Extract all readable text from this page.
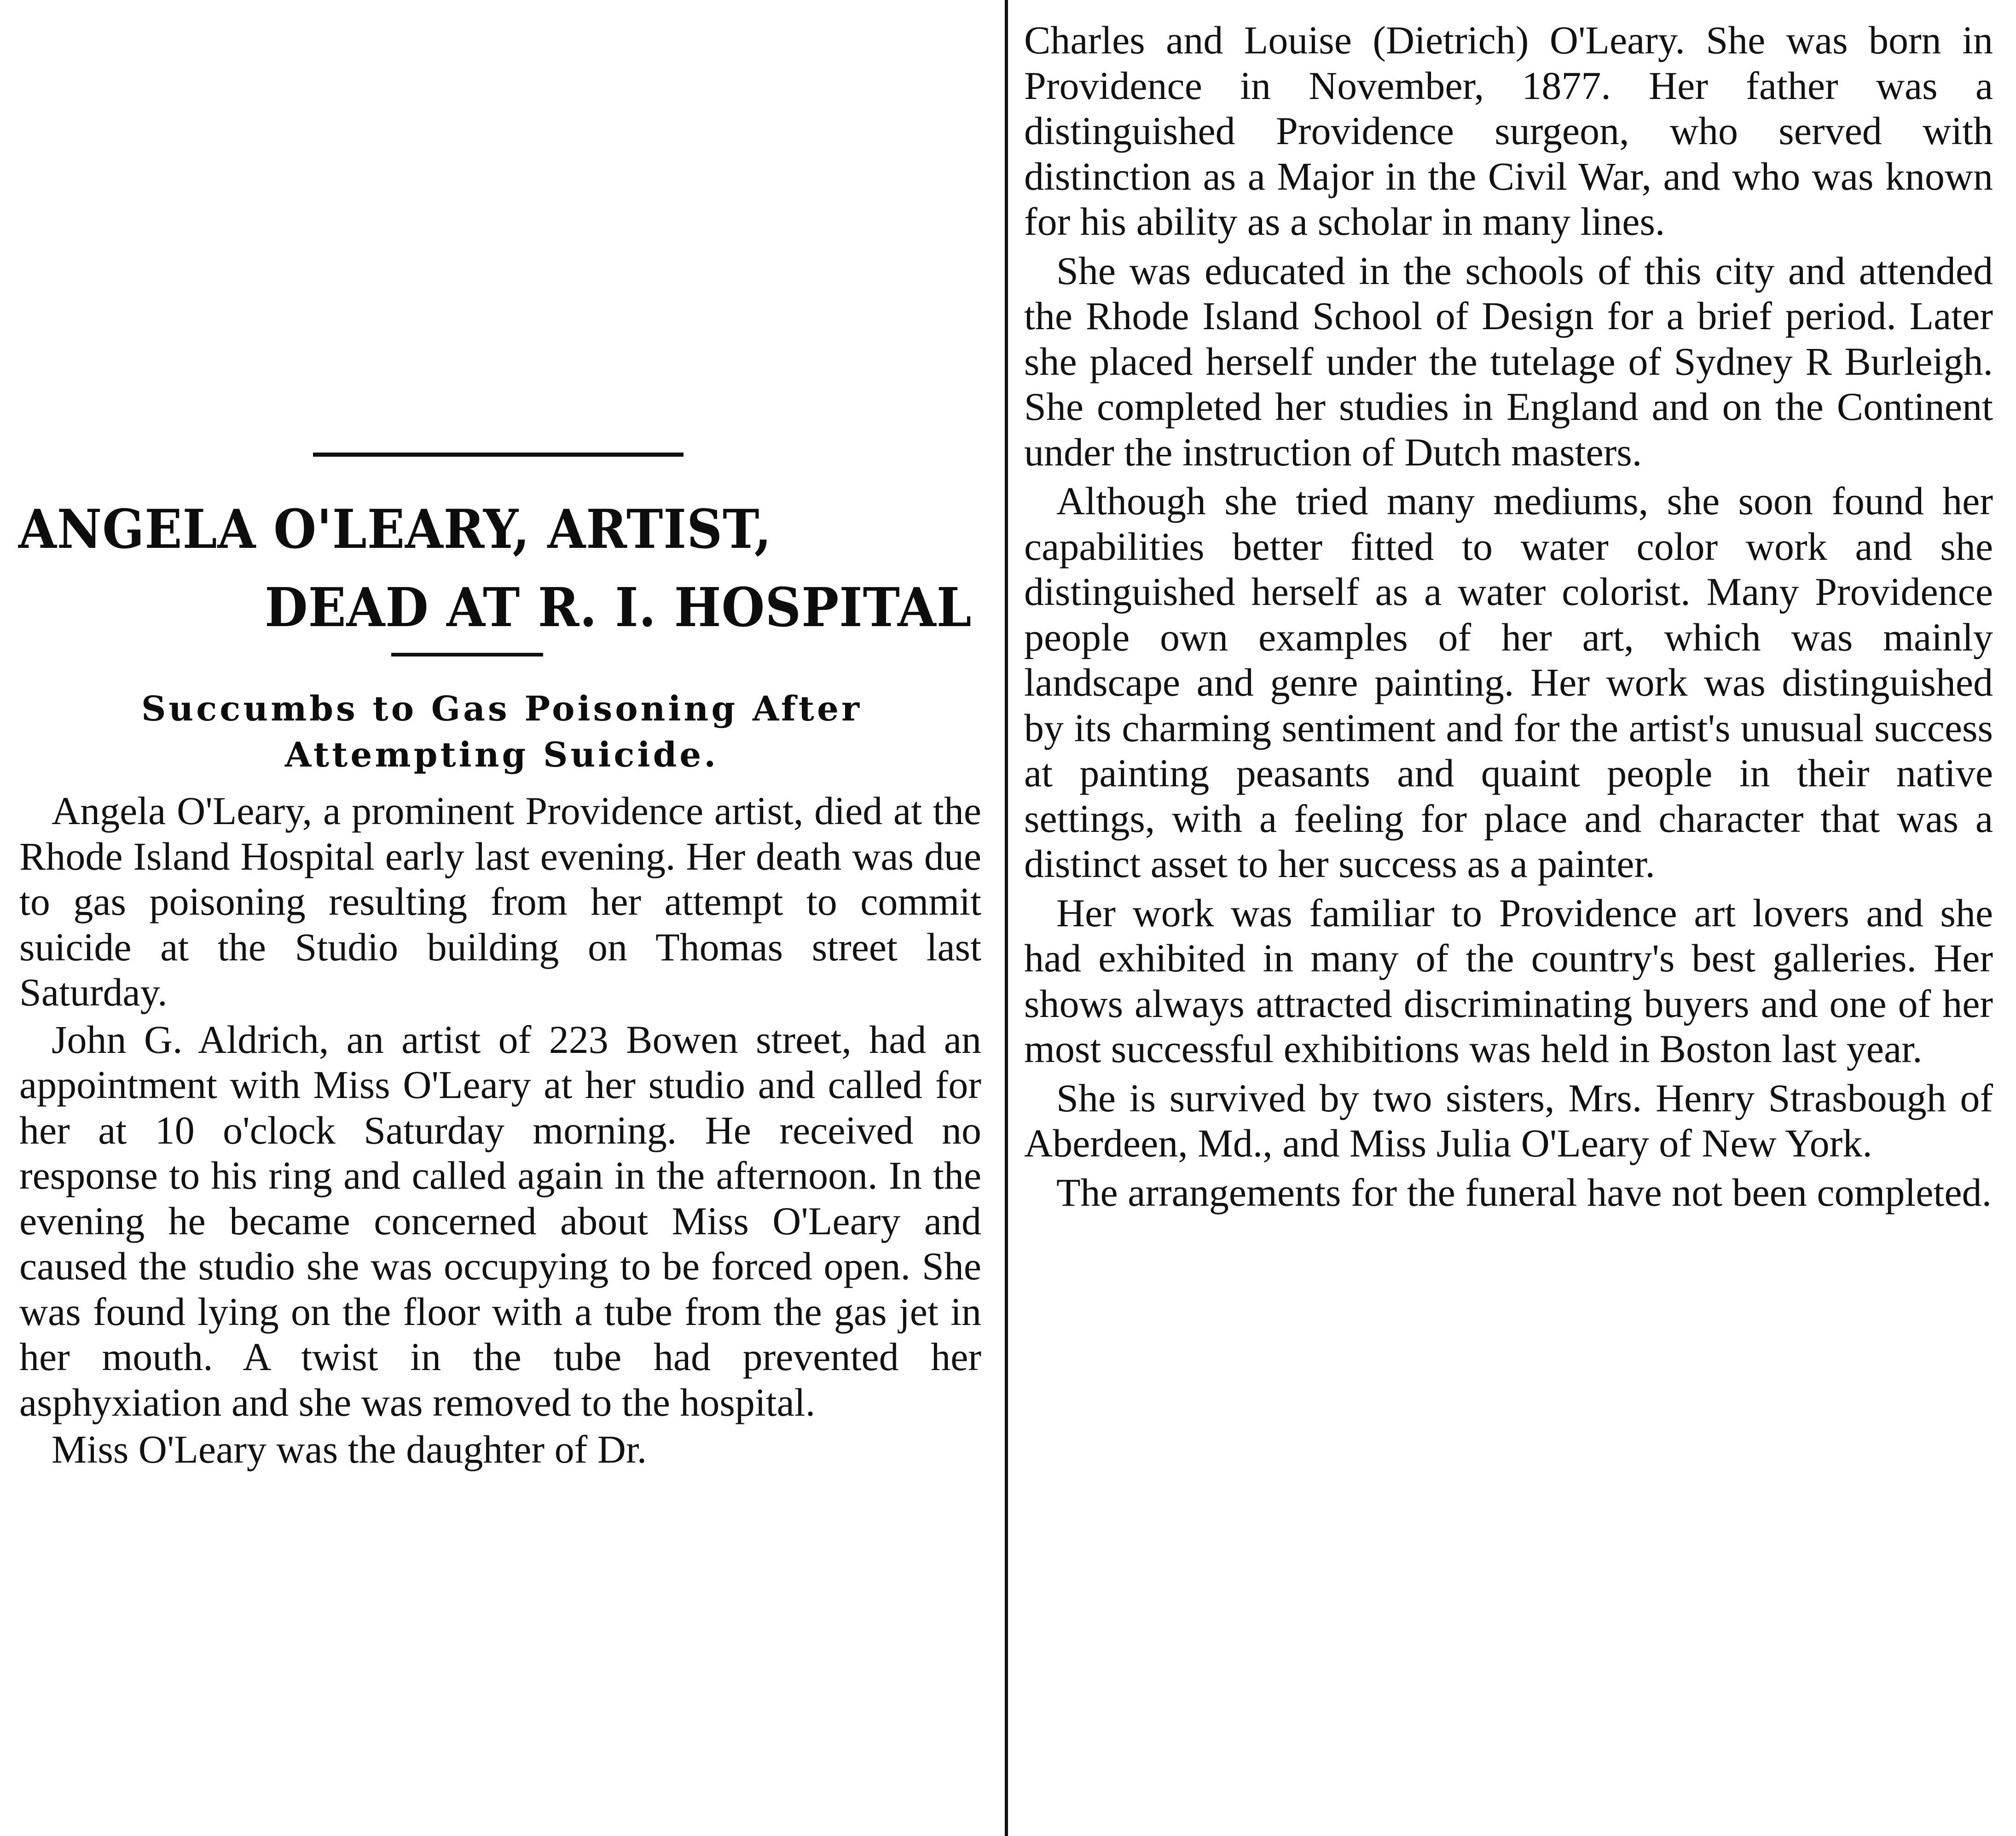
ANGELA O'LEARY, ARTIST,
DEAD AT R. I. HOSPITAL
Succumbs to Gas Poisoning After Attempting Suicide.

Angela O'Leary, a prominent Providence artist, died at the Rhode Island Hospital early last evening. Her death was due to gas poisoning resulting from her attempt to commit suicide at the Studio building on Thomas street last Saturday.

John G. Aldrich, an artist of 223 Bowen street, had an appointment with Miss O'Leary at her studio and called for her at 10 o'clock Saturday morning. He received no response to his ring and called again in the afternoon. In the evening he became concerned about Miss O'Leary and caused the studio she was occupying to be forced open. She was found lying on the floor with a tube from the gas jet in her mouth. A twist in the tube had prevented her asphyxiation and she was removed to the hospital.

Miss O'Leary was the daughter of Dr.

Charles and Louise (Dietrich) O'Leary. She was born in Providence in November, 1877. Her father was a distinguished Providence surgeon, who served with distinction as a Major in the Civil War, and who was known for his ability as a scholar in many lines.

She was educated in the schools of this city and attended the Rhode Island School of Design for a brief period. Later she placed herself under the tutelage of Sydney R Burleigh. She completed her studies in England and on the Continent under the instruction of Dutch masters.

Although she tried many mediums, she soon found her capabilities better fitted to water color work and she distinguished herself as a water colorist. Many Providence people own examples of her art, which was mainly landscape and genre painting. Her work was distinguished by its charming sentiment and for the artist's unusual success at painting peasants and quaint people in their native settings, with a feeling for place and character that was a distinct asset to her success as a painter.

Her work was familiar to Providence art lovers and she had exhibited in many of the country's best galleries. Her shows always attracted discriminating buyers and one of her most successful exhibitions was held in Boston last year.

She is survived by two sisters, Mrs. Henry Strasbough of Aberdeen, Md., and Miss Julia O'Leary of New York.

The arrangements for the funeral have not been completed.
